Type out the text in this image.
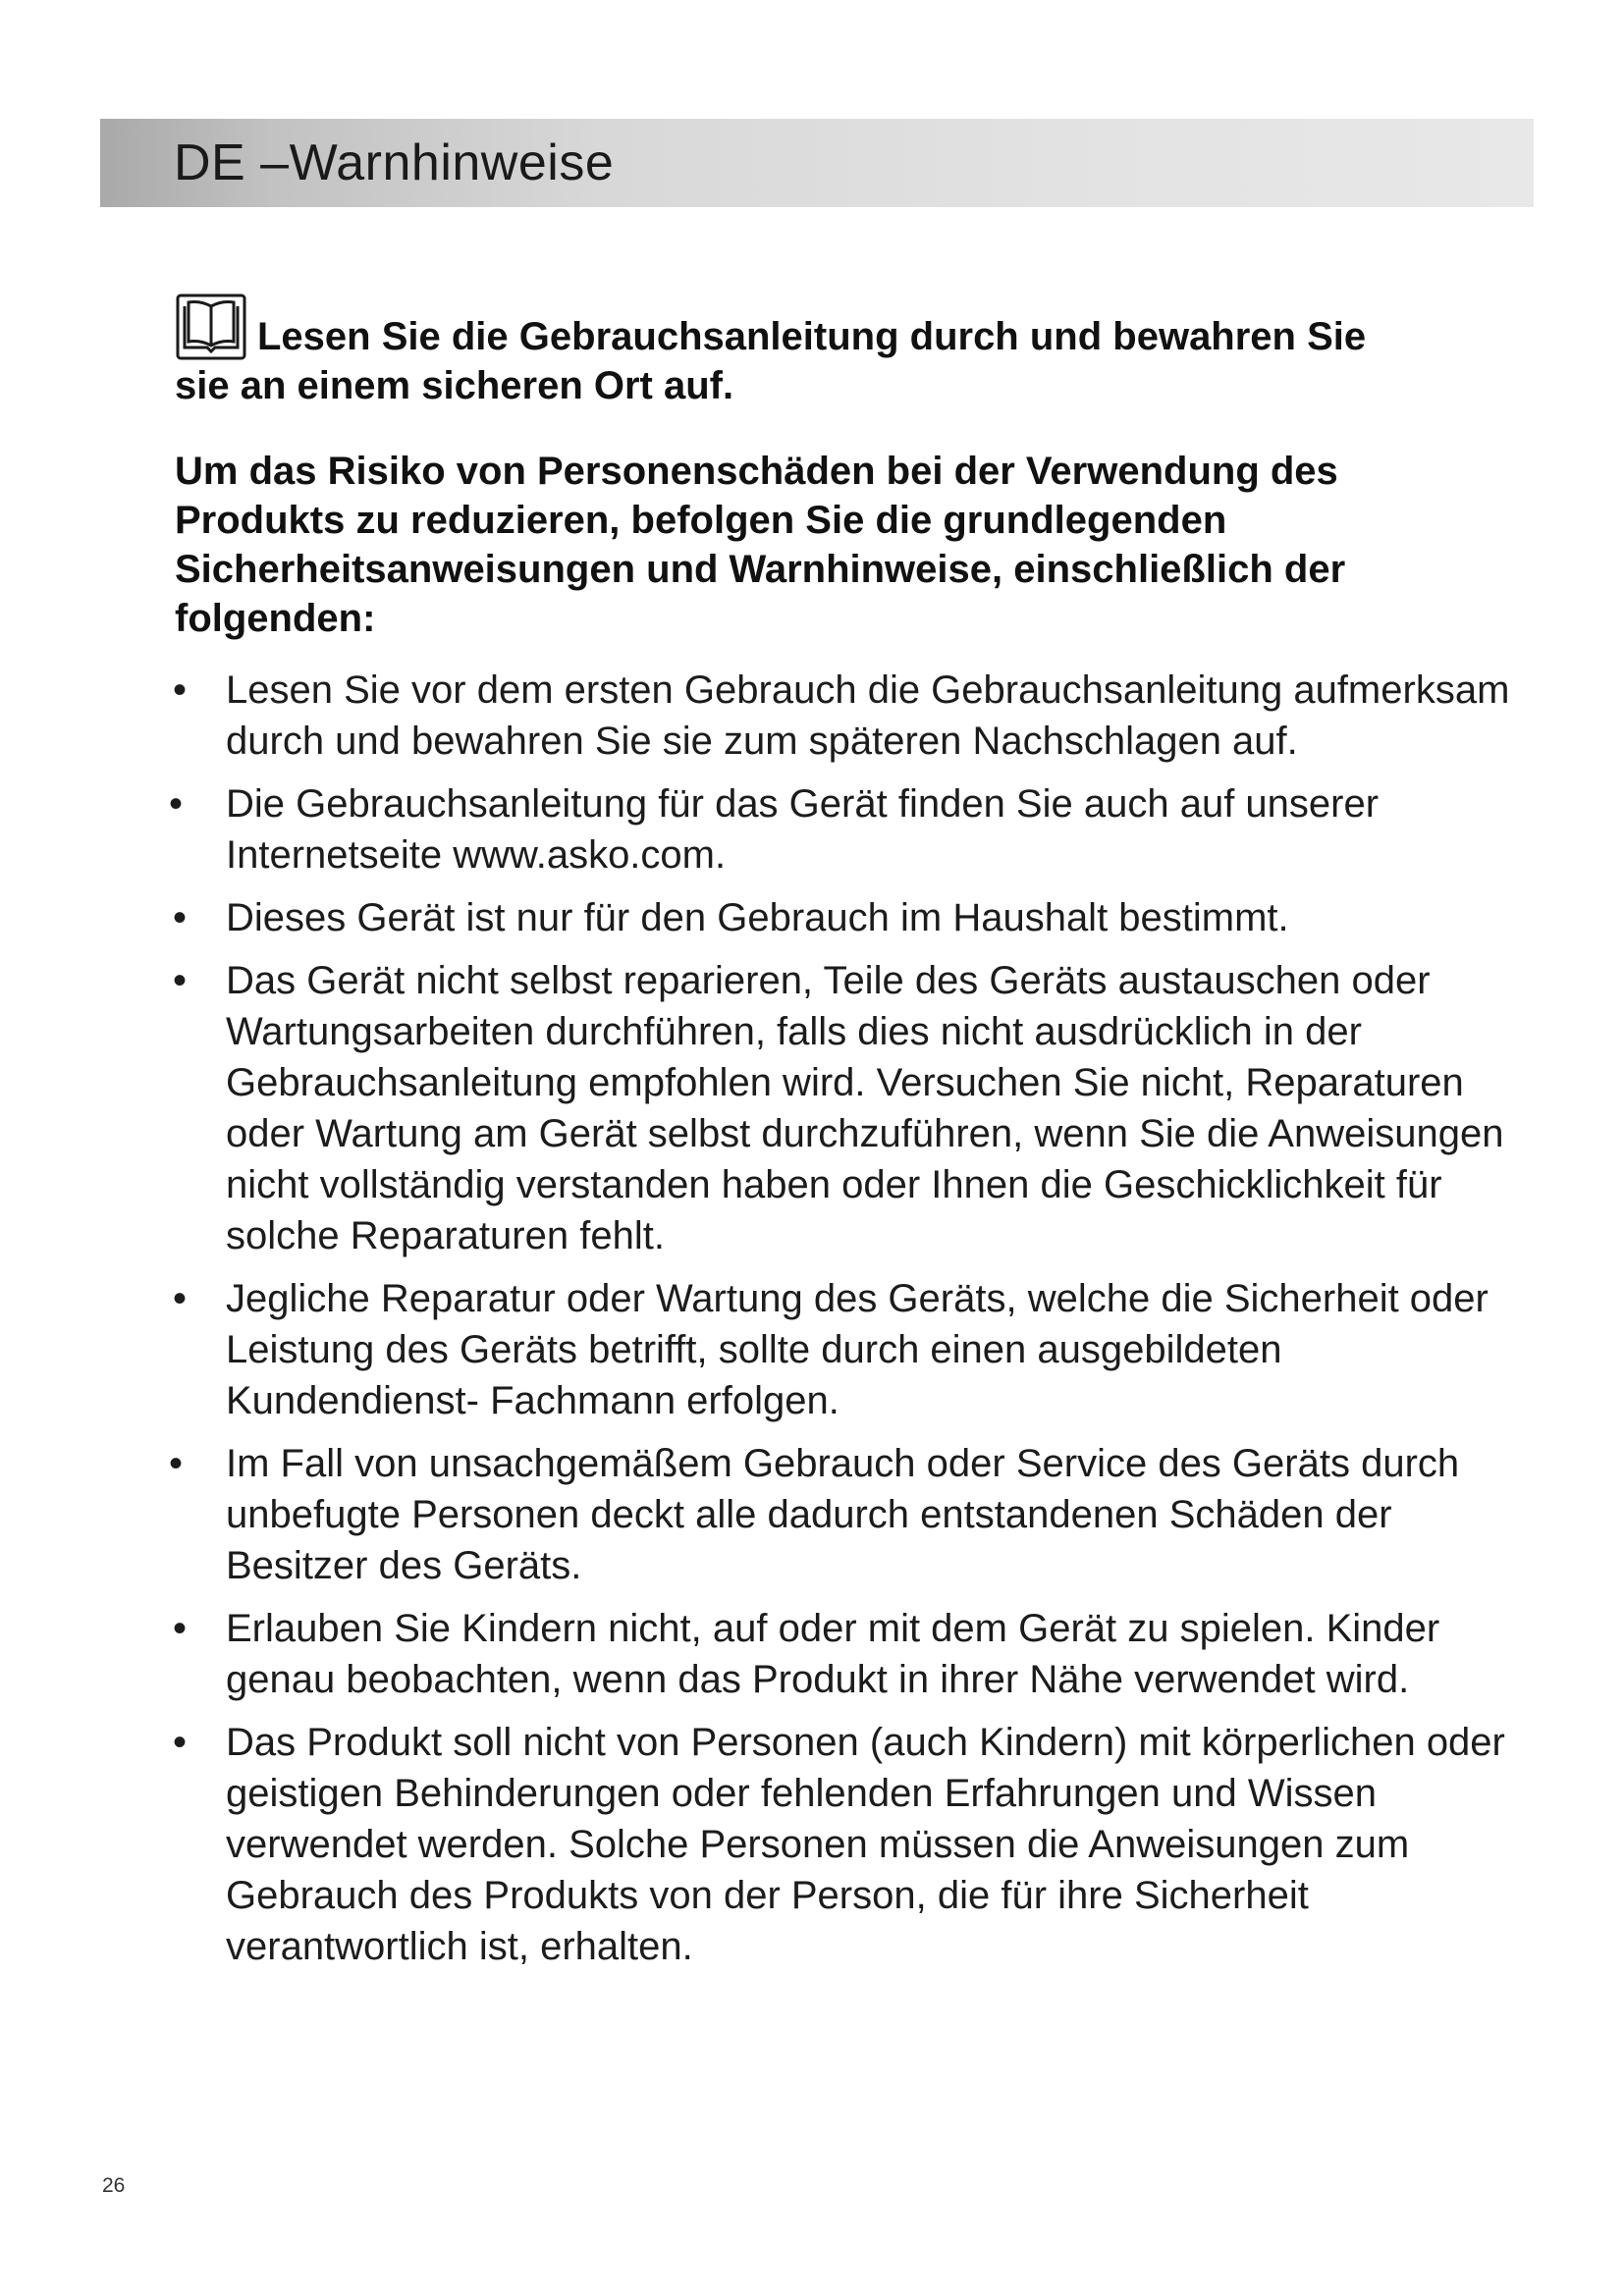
DE –Warnhinweise

Lesen Sie die Gebrauchsanleitung durch und bewahren Sie

sie an einem sicheren Ort auf.

Um das Risiko von Personenschäden bei der Verwendung des Produkts zu reduzieren, befolgen Sie die grundlegenden Sicherheitsanweisungen und Warnhinweise, einschließlich der folgenden:

• Lesen Sie vor dem ersten Gebrauch die Gebrauchsanleitung aufmerksam durch und bewahren Sie sie zum späteren Nachschlagen auf.
• Die Gebrauchsanleitung für das Gerät finden Sie auch auf unserer Internetseite www.asko.com.
• Dieses Gerät ist nur für den Gebrauch im Haushalt bestimmt.
• Das Gerät nicht selbst reparieren, Teile des Geräts austauschen oder Wartungsarbeiten durchführen, falls dies nicht ausdrücklich in der Gebrauchsanleitung empfohlen wird. Versuchen Sie nicht, Reparaturen oder Wartung am Gerät selbst durchzuführen, wenn Sie die Anweisungen nicht vollständig verstanden haben oder Ihnen die Geschicklichkeit für solche Reparaturen fehlt.
• Jegliche Reparatur oder Wartung des Geräts, welche die Sicherheit oder Leistung des Geräts betrifft, sollte durch einen ausgebildeten Kundendienst- Fachmann erfolgen.
• Im Fall von unsachgemäßem Gebrauch oder Service des Geräts durch unbefugte Personen deckt alle dadurch entstandenen Schäden der Besitzer des Geräts.
• Erlauben Sie Kindern nicht, auf oder mit dem Gerät zu spielen. Kinder genau beobachten, wenn das Produkt in ihrer Nähe verwendet wird.
• Das Produkt soll nicht von Personen (auch Kindern) mit körperlichen oder geistigen Behinderungen oder fehlenden Erfahrungen und Wissen verwendet werden. Solche Personen müssen die Anweisungen zum Gebrauch des Produkts von der Person, die für ihre Sicherheit verantwortlich ist, erhalten.
26
